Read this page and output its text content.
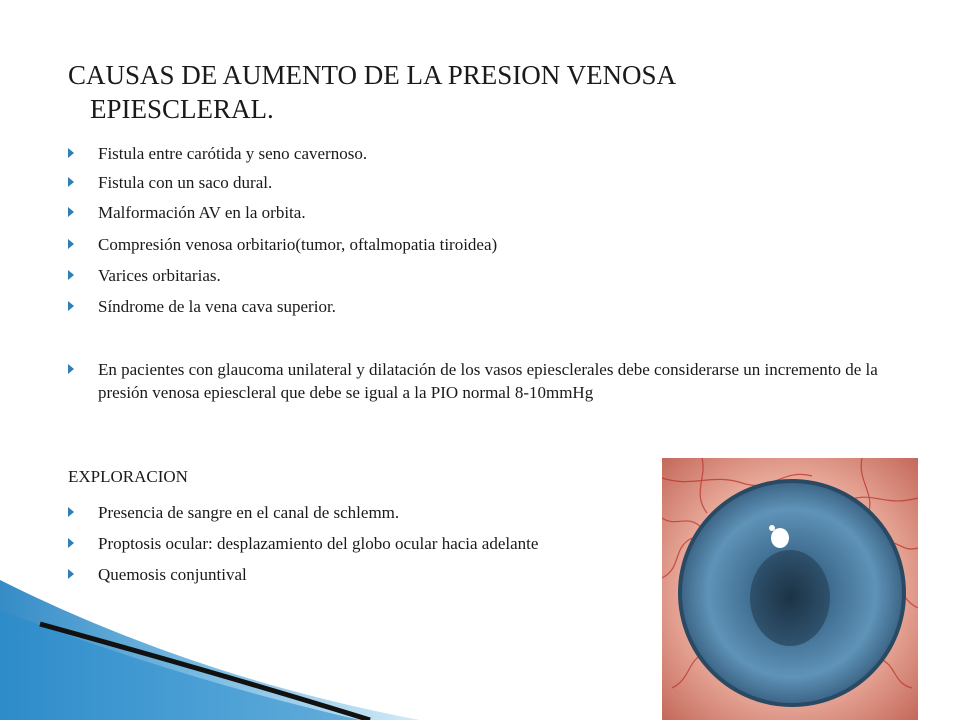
CAUSAS DE AUMENTO DE LA PRESION VENOSA
EPIESCLERAL.
Fistula entre carótida y seno cavernoso.
Fistula con un saco dural.
Malformación AV en la orbita.
Compresión venosa orbitario(tumor, oftalmopatia tiroidea)
Varices orbitarias.
Síndrome de la vena cava superior.
En pacientes con glaucoma unilateral y dilatación de los vasos epiesclerales debe considerarse un incremento de la presión venosa epiescleral que debe se igual a la PIO normal 8-10mmHg
EXPLORACION
Presencia de sangre en el canal de schlemm.
Proptosis ocular: desplazamiento del globo ocular hacia adelante
Quemosis conjuntival
